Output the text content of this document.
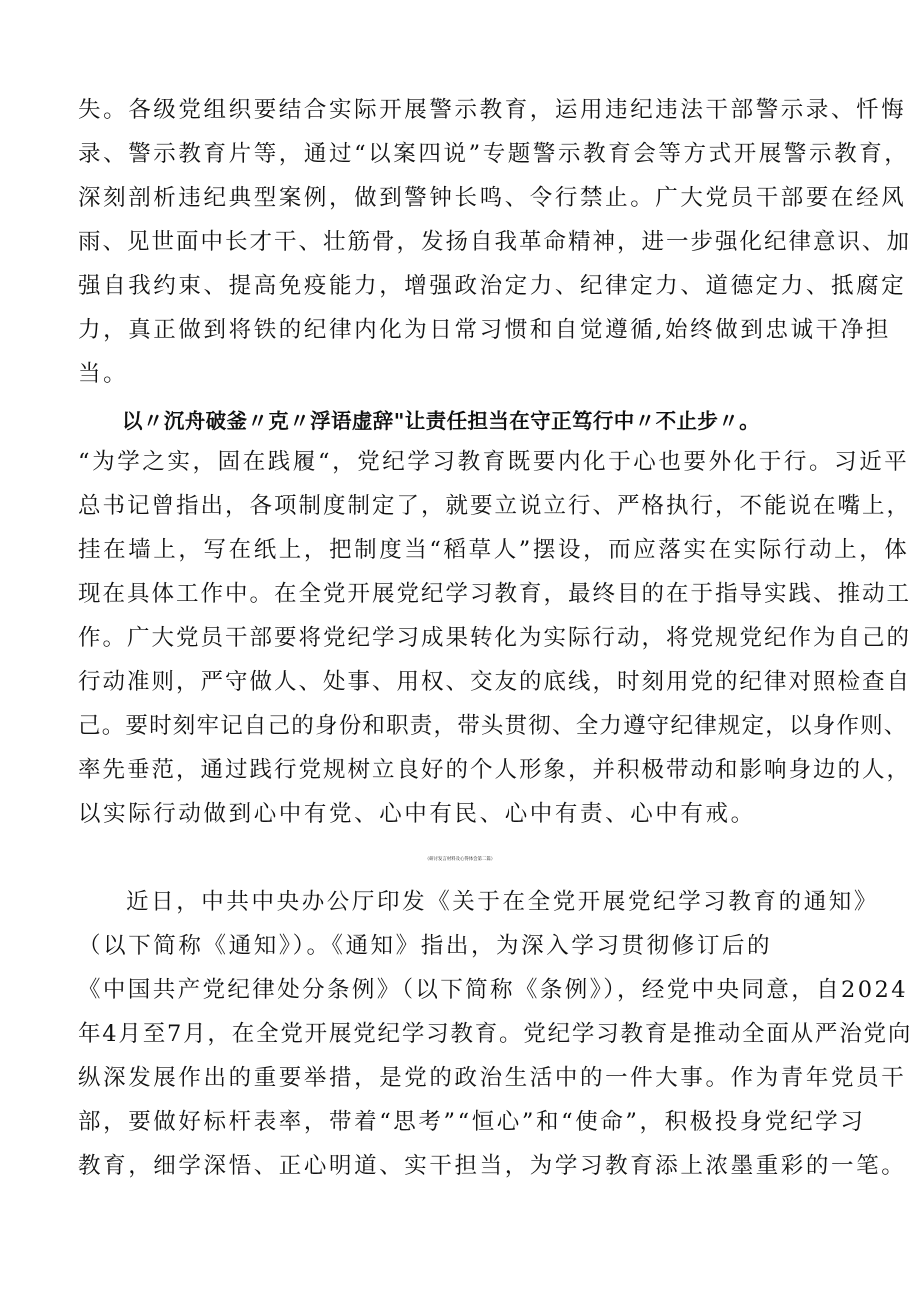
失。各级党组织要结合实际开展警示教育，运用违纪违法干部警示录、忏悔
录、警示教育片等，通过“以案四说”专题警示教育会等方式开展警示教育，
深刻剖析违纪典型案例，做到警钟长鸣、令行禁止。广大党员干部要在经风
雨、见世面中长才干、壮筋骨，发扬自我革命精神，进一步强化纪律意识、加
强自我约束、提高免疫能力，增强政治定力、纪律定力、道德定力、抵腐定
力，真正做到将铁的纪律内化为日常习惯和自觉遵循,始终做到忠诚干净担
当。
以〃沉舟破釜〃克〃浮语虚辞"让责任担当在守正笃行中〃不止步〃。
“为学之实，固在践履“，党纪学习教育既要内化于心也要外化于行。习近平
总书记曾指出，各项制度制定了，就要立说立行、严格执行，不能说在嘴上，
挂在墙上，写在纸上，把制度当“稻草人”摆设，而应落实在实际行动上，体
现在具体工作中。在全党开展党纪学习教育，最终目的在于指导实践、推动工
作。广大党员干部要将党纪学习成果转化为实际行动，将党规党纪作为自己的
行动准则，严守做人、处事、用权、交友的底线，时刻用党的纪律对照检查自
己。要时刻牢记自己的身份和职责，带头贯彻、全力遵守纪律规定，以身作则、
率先垂范，通过践行党规树立良好的个人形象，并积极带动和影响身边的人，
以实际行动做到心中有党、心中有民、心中有责、心中有戒。
（研讨发言材料及心得体会第二篇）
近日，中共中央办公厅印发《关于在全党开展党纪学习教育的通知》
（以下简称《通知》）。《通知》指出，为深入学习贯彻修订后的
《中国共产党纪律处分条例》（以下简称《条例》），经党中央同意，自2024
年4月至7月，在全党开展党纪学习教育。党纪学习教育是推动全面从严治党向
纵深发展作出的重要举措，是党的政治生活中的一件大事。作为青年党员干
部，要做好标杆表率，带着“思考”“恒心”和“使命”，积极投身党纪学习
教育，细学深悟、正心明道、实干担当，为学习教育添上浓墨重彩的一笔。
